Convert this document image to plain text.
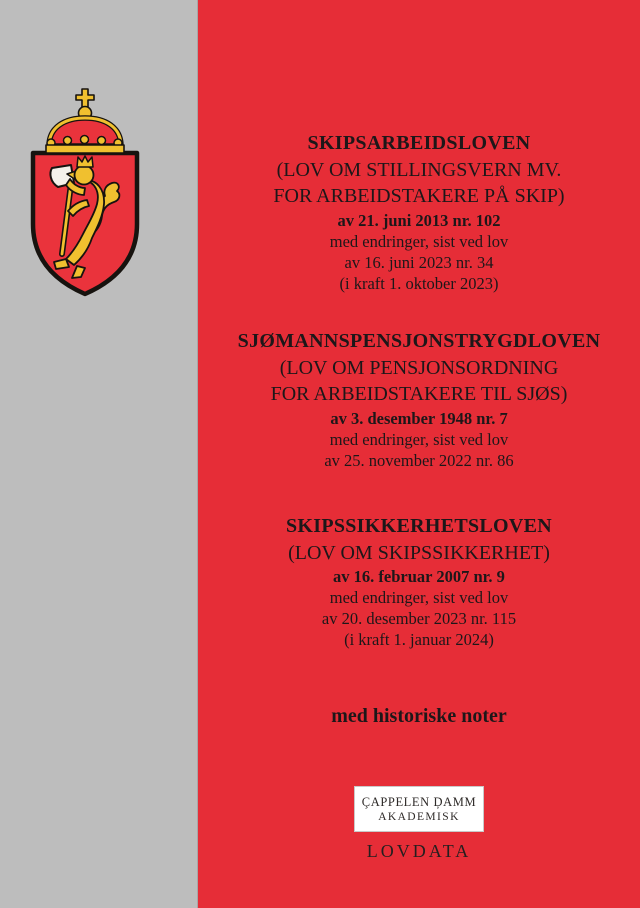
SKIPSARBEIDSLOVEN
(LOV OM STILLINGSVERN MV.
FOR ARBEIDSTAKERE PÅ SKIP)
av 21. juni 2013 nr. 102
med endringer, sist ved lov
av 16. juni 2023 nr. 34
(i kraft 1. oktober 2023)
SJØMANNSPENSJONSTRYGDLOVEN
(LOV OM PENSJONSORDNING
FOR ARBEIDSTAKERE TIL SJØS)
av 3. desember 1948 nr. 7
med endringer, sist ved lov
av 25. november 2022 nr. 86
SKIPSSIKKERHETSLOVEN
(LOV OM SKIPSSIKKERHET)
av 16. februar 2007 nr. 9
med endringer, sist ved lov
av 20. desember 2023 nr. 115
(i kraft 1. januar 2024)
med historiske noter
ÇAPPELEN ḐAMM
AKADEMISK
LOVDATA
